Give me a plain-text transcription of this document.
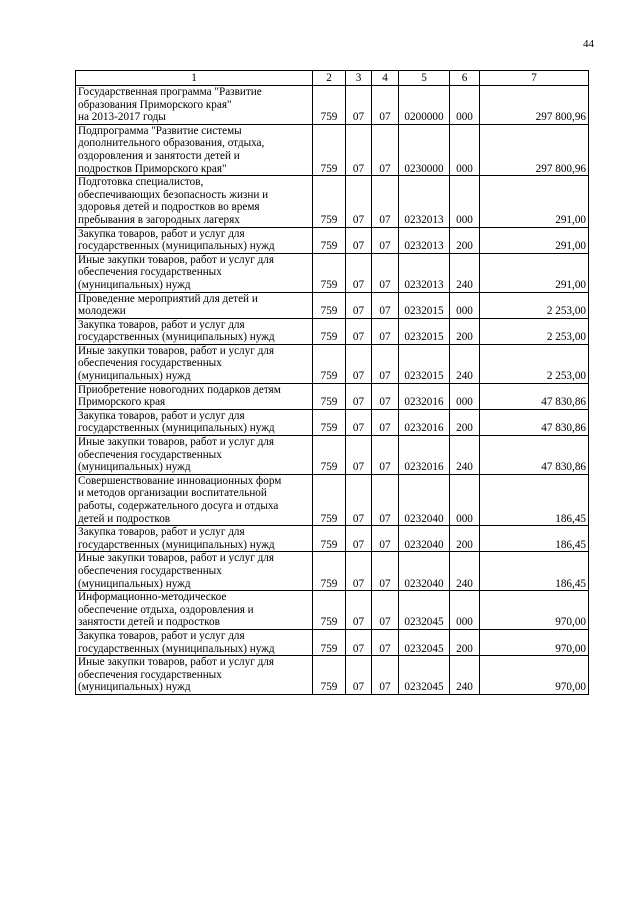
44
1	2	3	4	5	6	7
Государственная программа "Развитие
образования Приморского края"
на 2013-2017 годы	759	07	07	0200000	000	297 800,96
Подпрограмма "Развитие системы
дополнительного образования, отдыха,
оздоровления и занятости детей и
подростков Приморского края"	759	07	07	0230000	000	297 800,96
Подготовка специалистов,
обеспечивающих безопасность жизни и
здоровья детей и подростков во время
пребывания в загородных лагерях	759	07	07	0232013	000	291,00
Закупка товаров, работ и услуг для
государственных (муниципальных) нужд	759	07	07	0232013	200	291,00
Иные закупки товаров, работ и услуг для
обеспечения государственных
(муниципальных) нужд	759	07	07	0232013	240	291,00
Проведение мероприятий для детей и
молодежи	759	07	07	0232015	000	2 253,00
Закупка товаров, работ и услуг для
государственных (муниципальных) нужд	759	07	07	0232015	200	2 253,00
Иные закупки товаров, работ и услуг для
обеспечения государственных
(муниципальных) нужд	759	07	07	0232015	240	2 253,00
Приобретение новогодних подарков детям
Приморского края	759	07	07	0232016	000	47 830,86
Закупка товаров, работ и услуг для
государственных (муниципальных) нужд	759	07	07	0232016	200	47 830,86
Иные закупки товаров, работ и услуг для
обеспечения государственных
(муниципальных) нужд	759	07	07	0232016	240	47 830,86
Совершенствование инновационных форм
и методов организации воспитательной
работы, содержательного досуга и отдыха
детей и подростков	759	07	07	0232040	000	186,45
Закупка товаров, работ и услуг для
государственных (муниципальных) нужд	759	07	07	0232040	200	186,45
Иные закупки товаров, работ и услуг для
обеспечения государственных
(муниципальных) нужд	759	07	07	0232040	240	186,45
Информационно-методическое
обеспечение отдыха, оздоровления и
занятости детей и подростков	759	07	07	0232045	000	970,00
Закупка товаров, работ и услуг для
государственных (муниципальных) нужд	759	07	07	0232045	200	970,00
Иные закупки товаров, работ и услуг для
обеспечения государственных
(муниципальных) нужд	759	07	07	0232045	240	970,00
